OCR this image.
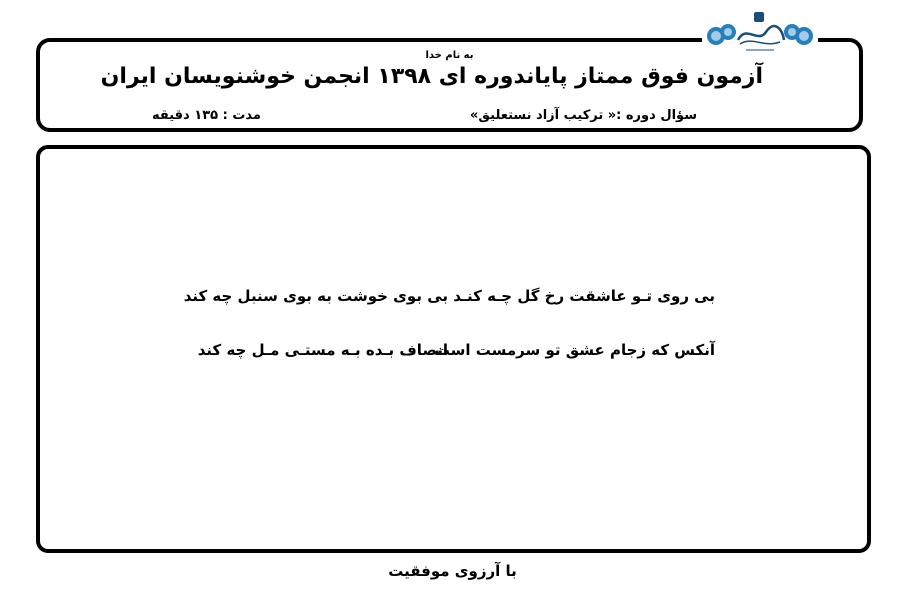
به نام خدا
آزمون فوق ممتاز پایاندوره ای ۱۳۹۸ انجمن خوشنویسان ایران
سؤال دوره :« ترکیب آزاد نستعلیق»
مدت : ۱۳۵ دقیقه
بی روی تـو عاشقت رخ گل چـه کنـد
بی بوی خوشت به بوی سنبل چه کند
آنکس که زجام عشق تو سرمست است
انصاف بـده بـه مستـی مـل چه کند
با آرزوی موفقیت
